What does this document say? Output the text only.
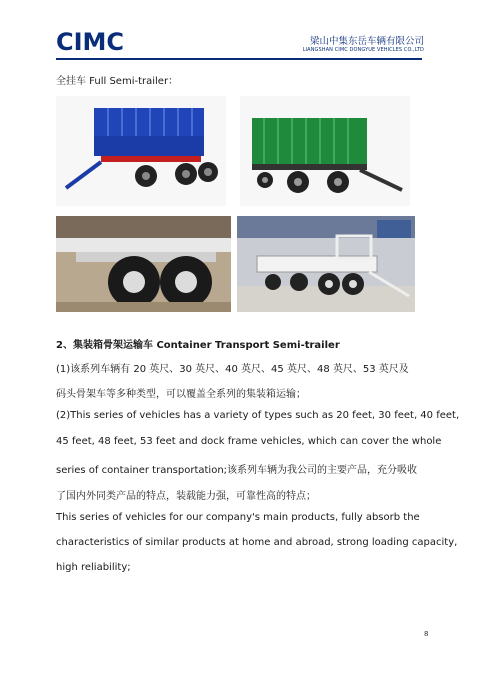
CIMC	梁山中集东岳车辆有限公司
LIANGSHAN CIMC DONGYUE VEHICLES CO.,LTD
全挂车 Full Semi-trailer：
2、集装箱骨架运输车 Container Transport Semi-trailer
(1)该系列车辆有 20 英尺、30 英尺、40 英尺、45 英尺、48 英尺、53 英尺及
码头骨架车等多种类型，可以覆盖全系列的集装箱运输；
(2)This series of vehicles has a variety of types such as 20 feet, 30 feet, 40 feet,
45 feet, 48 feet, 53 feet and dock frame vehicles, which can cover the whole
series of container transportation;该系列车辆为我公司的主要产品，充分吸收
了国内外同类产品的特点，装载能力强，可靠性高的特点；
This series of vehicles for our company's main products, fully absorb the
characteristics of similar products at home and abroad, strong loading capacity,
high reliability;
8
